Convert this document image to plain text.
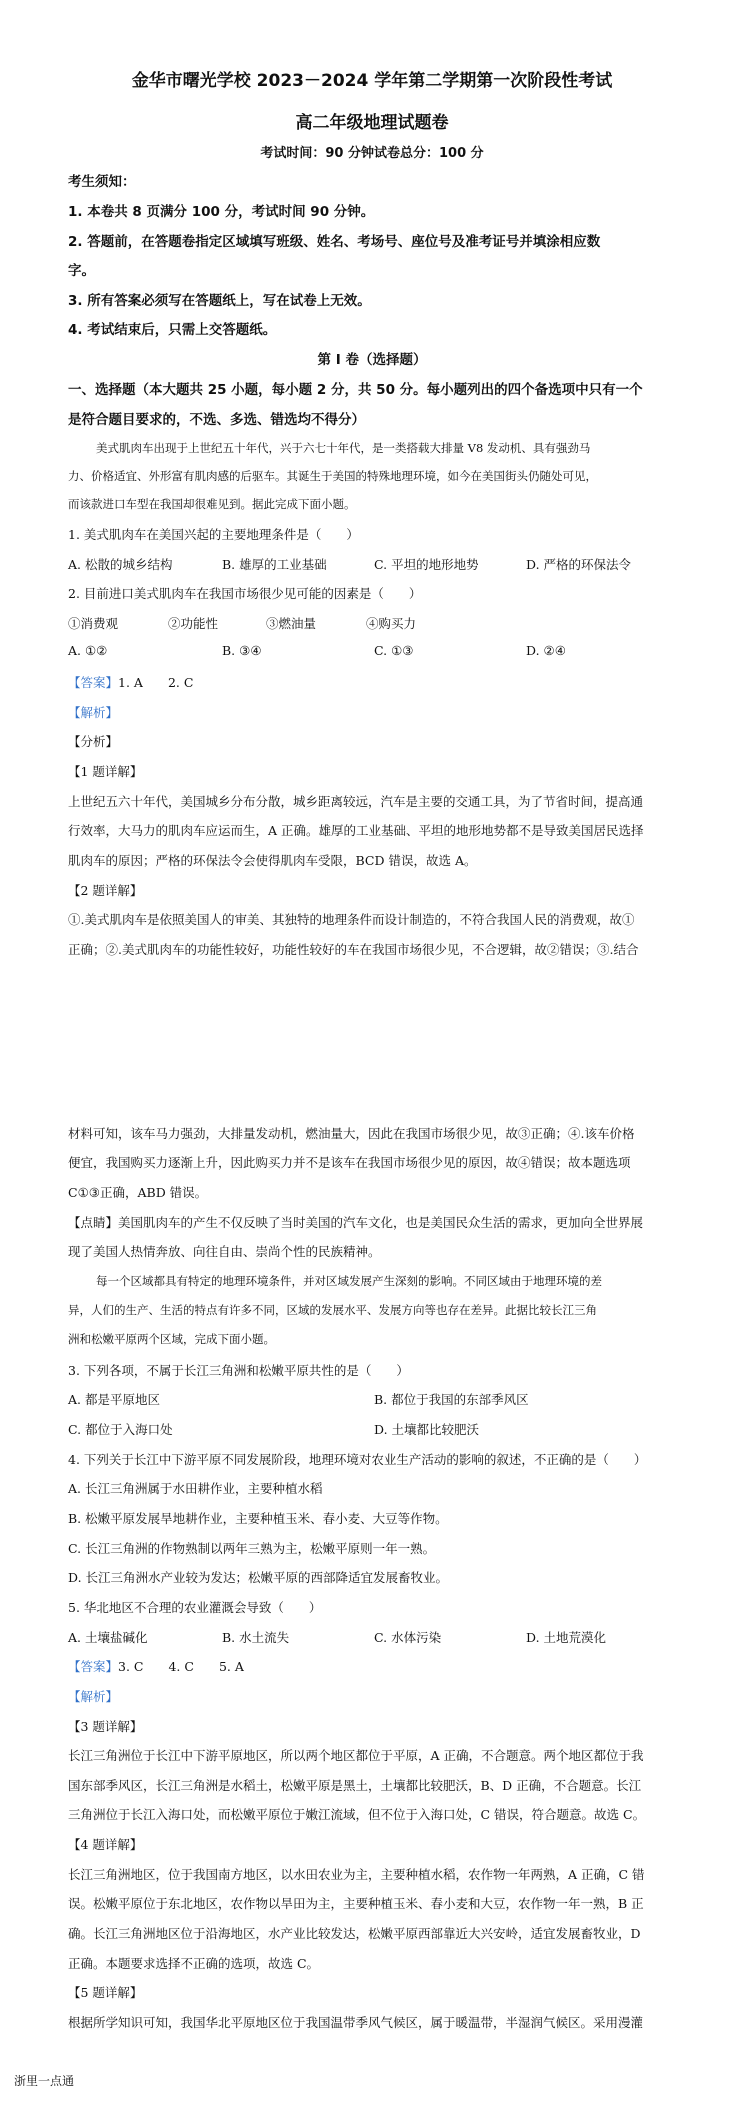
金华市曙光学校 2023－2024 学年第二学期第一次阶段性考试
高二年级地理试题卷
考试时间：90 分钟试卷总分：100 分
考生须知：
1. 本卷共 8 页满分 100 分，考试时间 90 分钟。
2. 答题前，在答题卷指定区域填写班级、姓名、考场号、座位号及准考证号并填涂相应数
字。
3. 所有答案必须写在答题纸上，写在试卷上无效。
4. 考试结束后，只需上交答题纸。
第 I 卷（选择题）
一、选择题（本大题共 25 小题，每小题 2 分，共 50 分。每小题列出的四个备选项中只有一个
是符合题目要求的，不选、多选、错选均不得分）
美式肌肉车出现于上世纪五十年代，兴于六七十年代，是一类搭载大排量 V8 发动机、具有强劲马
力、价格适宜、外形富有肌肉感的后驱车。其诞生于美国的特殊地理环境，如今在美国街头仍随处可见，
而该款进口车型在我国却很难见到。据此完成下面小题。
1. 美式肌肉车在美国兴起的主要地理条件是（　　）
A. 松散的城乡结构	B. 雄厚的工业基础	C. 平坦的地形地势	D. 严格的环保法令
2. 目前进口美式肌肉车在我国市场很少见可能的因素是（　　）
①消费观	②功能性	③燃油量	④购买力
A. ①②	B. ③④	C. ①③	D. ②④
【答案】1. A　　2. C
【解析】
【分析】
【1 题详解】
上世纪五六十年代，美国城乡分布分散，城乡距离较远，汽车是主要的交通工具，为了节省时间，提高通
行效率，大马力的肌肉车应运而生，A 正确。雄厚的工业基础、平坦的地形地势都不是导致美国居民选择
肌肉车的原因；严格的环保法令会使得肌肉车受限，BCD 错误，故选 A。
【2 题详解】
①.美式肌肉车是依照美国人的审美、其独特的地理条件而设计制造的，不符合我国人民的消费观，故①
正确；②.美式肌肉车的功能性较好，功能性较好的车在我国市场很少见，不合逻辑，故②错误；③.结合
材料可知，该车马力强劲，大排量发动机，燃油量大，因此在我国市场很少见，故③正确；④.该车价格
便宜，我国购买力逐渐上升，因此购买力并不是该车在我国市场很少见的原因，故④错误；故本题选项
C①③正确，ABD 错误。
【点睛】美国肌肉车的产生不仅反映了当时美国的汽车文化，也是美国民众生活的需求，更加向全世界展
现了美国人热情奔放、向往自由、崇尚个性的民族精神。
每一个区域都具有特定的地理环境条件，并对区域发展产生深刻的影响。不同区域由于地理环境的差
异，人们的生产、生活的特点有许多不同，区域的发展水平、发展方向等也存在差异。此据比较长江三角
洲和松嫩平原两个区域，完成下面小题。
3. 下列各项，不属于长江三角洲和松嫩平原共性的是（　　）
A. 都是平原地区	B. 都位于我国的东部季风区
C. 都位于入海口处	D. 土壤都比较肥沃
4. 下列关于长江中下游平原不同发展阶段，地理环境对农业生产活动的影响的叙述，不正确的是（　　）
A. 长江三角洲属于水田耕作业，主要种植水稻
B. 松嫩平原发展旱地耕作业，主要种植玉米、春小麦、大豆等作物。
C. 长江三角洲的作物熟制以两年三熟为主，松嫩平原则一年一熟。
D. 长江三角洲水产业较为发达；松嫩平原的西部降适宜发展畜牧业。
5. 华北地区不合理的农业灌溉会导致（　　）
A. 土壤盐碱化	B. 水土流失	C. 水体污染	D. 土地荒漠化
【答案】3. C　　4. C　　5. A
【解析】
【3 题详解】
长江三角洲位于长江中下游平原地区，所以两个地区都位于平原，A 正确，不合题意。两个地区都位于我
国东部季风区，长江三角洲是水稻土，松嫩平原是黑土，土壤都比较肥沃，B、D 正确，不合题意。长江
三角洲位于长江入海口处，而松嫩平原位于嫩江流域，但不位于入海口处，C 错误，符合题意。故选 C。
【4 题详解】
长江三角洲地区，位于我国南方地区，以水田农业为主，主要种植水稻，农作物一年两熟，A 正确，C 错
误。松嫩平原位于东北地区，农作物以旱田为主，主要种植玉米、春小麦和大豆，农作物一年一熟，B 正
确。长江三角洲地区位于沿海地区，水产业比较发达，松嫩平原西部靠近大兴安岭，适宜发展畜牧业，D
正确。本题要求选择不正确的选项，故选 C。
【5 题详解】
根据所学知识可知，我国华北平原地区位于我国温带季风气候区，属于暖温带，半湿润气候区。采用漫灌
浙里一点通
